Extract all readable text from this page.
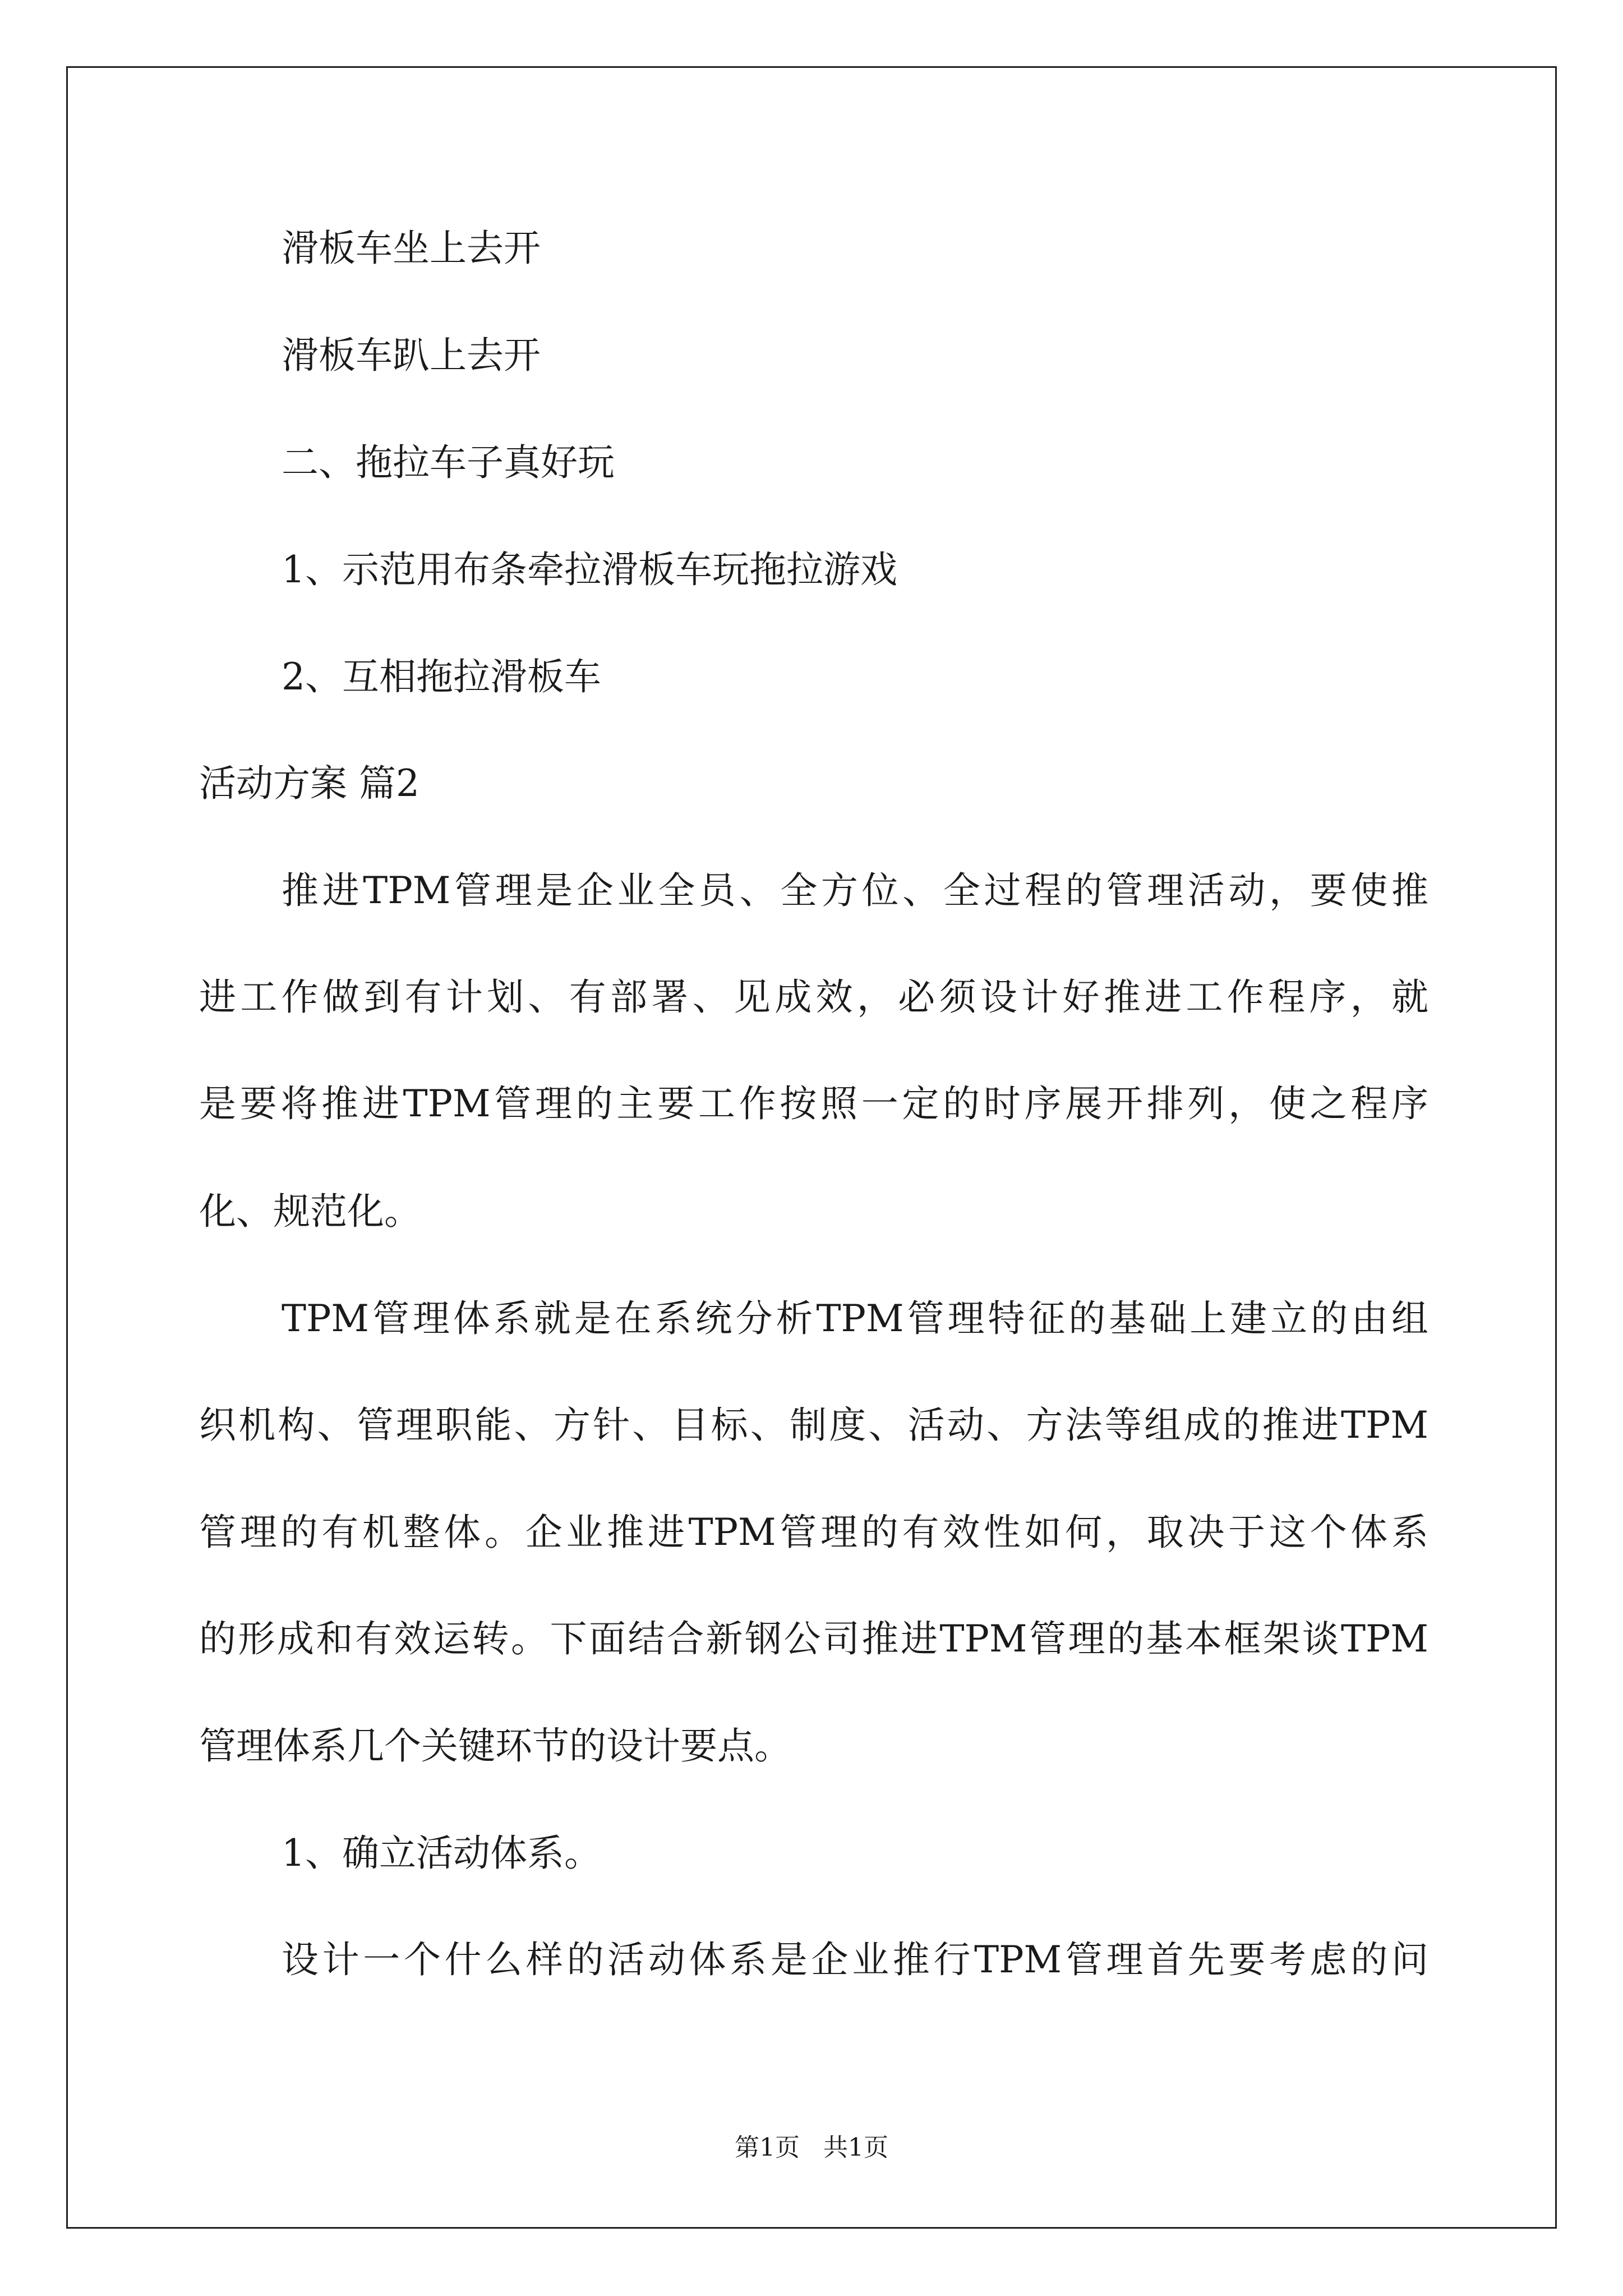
滑板车坐上去开
滑板车趴上去开
二、拖拉车子真好玩
1、示范用布条牵拉滑板车玩拖拉游戏
2、互相拖拉滑板车
活动方案 篇2
推进TPM管理是企业全员、全方位、全过程的管理活动，要使推
进工作做到有计划、有部署、见成效，必须设计好推进工作程序，就
是要将推进TPM管理的主要工作按照一定的时序展开排列，使之程序
化、规范化。
TPM管理体系就是在系统分析TPM管理特征的基础上建立的由组
织机构、管理职能、方针、目标、制度、活动、方法等组成的推进TPM
管理的有机整体。企业推进TPM管理的有效性如何，取决于这个体系
的形成和有效运转。下面结合新钢公司推进TPM管理的基本框架谈TPM
管理体系几个关键环节的设计要点。
1、确立活动体系。
设计一个什么样的活动体系是企业推行TPM管理首先要考虑的问
第1页 共1页
